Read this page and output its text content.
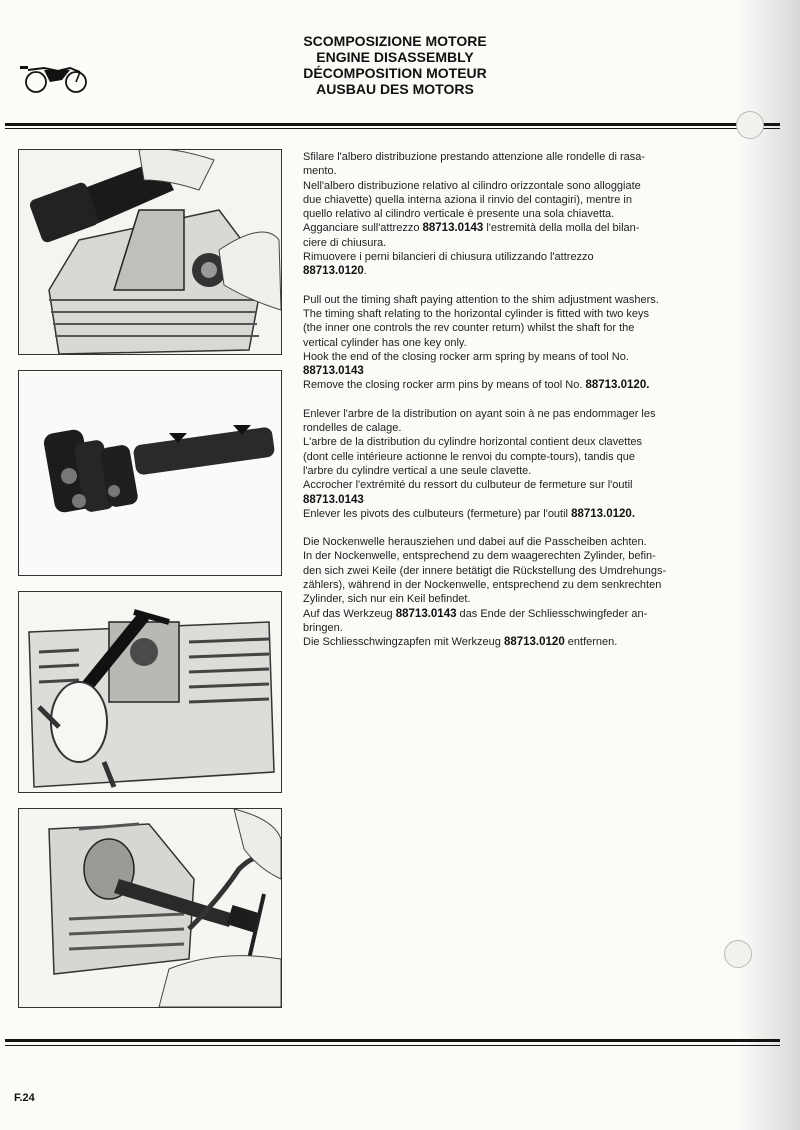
SCOMPOSIZIONE MOTORE
ENGINE DISASSEMBLY
DÉCOMPOSITION MOTEUR
AUSBAU DES MOTORS
Sfilare l'albero distribuzione prestando attenzione alle rondelle di rasa-
mento.
Nell'albero distribuzione relativo al cilindro orizzontale sono alloggiate
due chiavette) quella interna aziona il rinvio del contagiri), mentre in
quello relativo al cilindro verticale è presente una sola chiavetta.
Agganciare sull'attrezzo 88713.0143 l'estremità della molla del bilan-
ciere di chiusura.
Rimuovere i perni bilancieri di chiusura utilizzando l'attrezzo
88713.0120.
Pull out the timing shaft paying attention to the shim adjustment washers.
The timing shaft relating to the horizontal cylinder is fitted with two keys
(the inner one controls the rev counter return) whilst the shaft for the
vertical cylinder has one key only.
Hook the end of the closing rocker arm spring by means of tool No.
88713.0143
Remove the closing rocker arm pins by means of tool No. 88713.0120.
Enlever l'arbre de la distribution on ayant soin à ne pas endommager les
rondelles de calage.
L'arbre de la distribution du cylindre horizontal contient deux clavettes
(dont celle intérieure actionne le renvoi du compte-tours), tandis que
l'arbre du cylindre vertical a une seule clavette.
Accrocher l'extrémité du ressort du culbuteur de fermeture sur l'outil
88713.0143
Enlever les pivots des culbuteurs (fermeture) par l'outil 88713.0120.
Die Nockenwelle herausziehen und dabei auf die Passcheiben achten.
In der Nockenwelle, entsprechend zu dem waagerechten Zylinder, befin-
den sich zwei Keile (der innere betätigt die Rückstellung des Umdrehungs-
zählers), während in der Nockenwelle, entsprechend zu dem senkrechten
Zylinder, sich nur ein Keil befindet.
Auf das Werkzeug 88713.0143 das Ende der Schliesschwingfeder an-
bringen.
Die Schliesschwingzapfen mit Werkzeug 88713.0120 entfernen.
F.24
